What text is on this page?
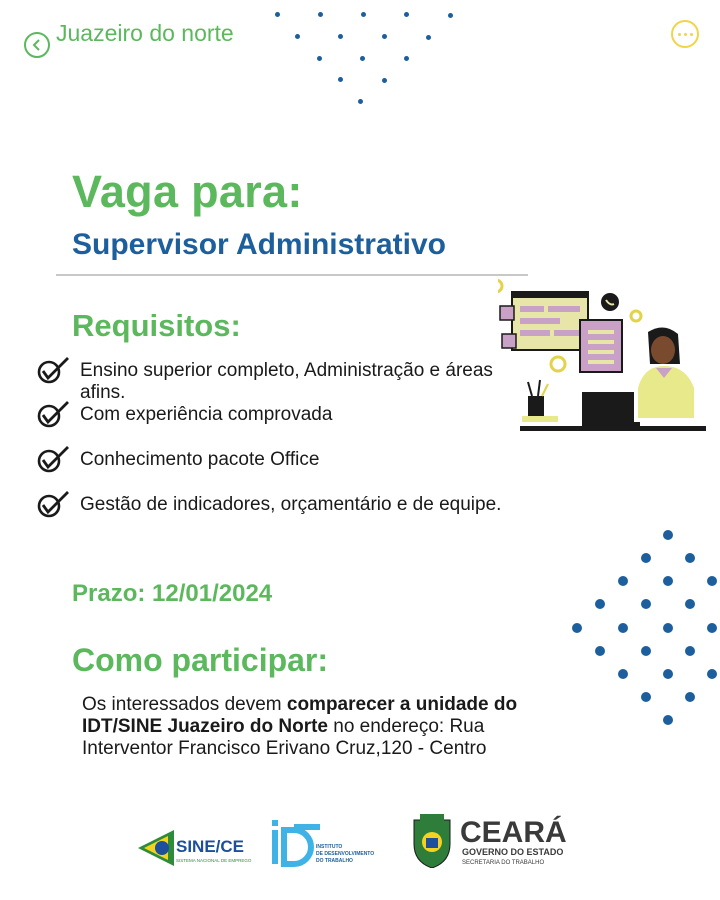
Juazeiro do norte
Vaga para:
Supervisor Administrativo
Requisitos:
Ensino superior completo, Administração e áreas afins.
Com experiência comprovada
Conhecimento pacote Office
Gestão de indicadores, orçamentário e de equipe.
Prazo: 12/01/2024
Como participar:
Os interessados devem comparecer a unidade do IDT/SINE Juazeiro do Norte no endereço: Rua Interventor Francisco Erivano Cruz,120 - Centro
SINE/CE
SISTEMA NACIONAL DE EMPREGO
INSTITUTO
DE DESENVOLVIMENTO
DO TRABALHO
CEARÁ
GOVERNO DO ESTADO
SECRETARIA DO TRABALHO
